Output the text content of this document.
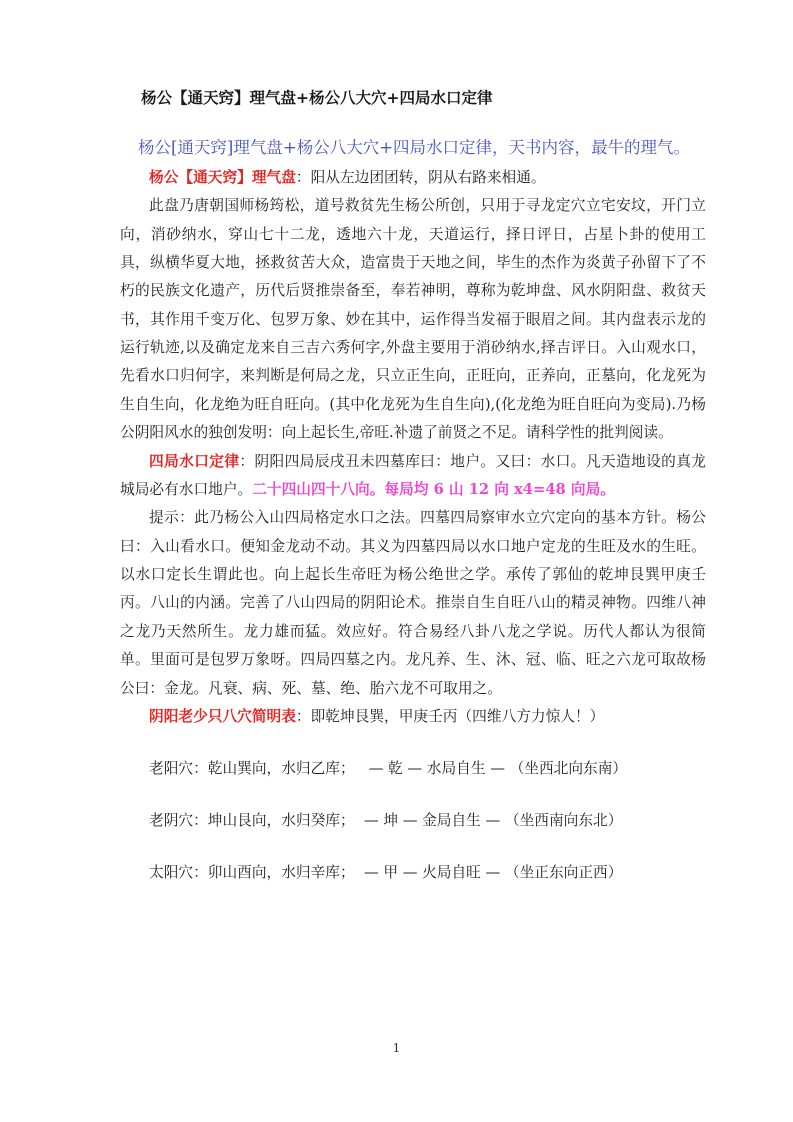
杨公【通天窍】理气盘+杨公八大穴+四局水口定律

杨公[通天窍]理气盘+杨公八大穴+四局水口定律，天书内容，最牛的理气。

杨公【通天窍】理气盘：阳从左边团团转，阴从右路来相通。

此盘乃唐朝国师杨筠松，道号救贫先生杨公所创，只用于寻龙定穴立宅安坟，开门立向，消砂纳水，穿山七十二龙，透地六十龙，天道运行，择日评日，占星卜卦的使用工具，纵横华夏大地，拯救贫苦大众，造富贵于天地之间，毕生的杰作为炎黄子孙留下了不朽的民族文化遗产，历代后贤推崇备至，奉若神明，尊称为乾坤盘、风水阴阳盘、救贫天书，其作用千变万化、包罗万象、妙在其中，运作得当发福于眼眉之间。其内盘表示龙的运行轨迹,以及确定龙来自三吉六秀何字,外盘主要用于消砂纳水,择吉评日。入山观水口，先看水口归何字，来判断是何局之龙，只立正生向，正旺向，正养向，正墓向，化龙死为生自生向，化龙绝为旺自旺向。(其中化龙死为生自生向),(化龙绝为旺自旺向为变局).乃杨公阴阳风水的独创发明：向上起长生,帝旺.补遗了前贤之不足。请科学性的批判阅读。

四局水口定律：阴阳四局辰戌丑未四墓库曰：地户。又曰：水口。凡天造地设的真龙城局必有水口地户。二十四山四十八向。每局均 6 山 12 向 x4=48 向局。

提示：此乃杨公入山四局格定水口之法。四墓四局察审水立穴定向的基本方针。杨公曰：入山看水口。便知金龙动不动。其义为四墓四局以水口地户定龙的生旺及水的生旺。以水口定长生谓此也。向上起长生帝旺为杨公绝世之学。承传了郭仙的乾坤艮巽甲庚壬丙。八山的内涵。完善了八山四局的阴阳论术。推崇自生自旺八山的精灵神物。四维八神之龙乃天然所生。龙力雄而猛。效应好。符合易经八卦八龙之学说。历代人都认为很简单。里面可是包罗万象呀。四局四墓之内。龙凡养、生、沐、冠、临、旺之六龙可取故杨公曰：金龙。凡衰、病、死、墓、绝、胎六龙不可取用之。

阴阳老少只八穴简明表：即乾坤艮巽，甲庚壬丙（四维八方力惊人！）

老阳穴：乾山巽向，水归乙库； — 乾 — 水局自生 — （坐西北向东南）

老阴穴：坤山艮向，水归癸库； — 坤 — 金局自生 — （坐西南向东北）

太阳穴：卯山酉向，水归辛库； — 甲 — 火局自旺 — （坐正东向正西）

1
